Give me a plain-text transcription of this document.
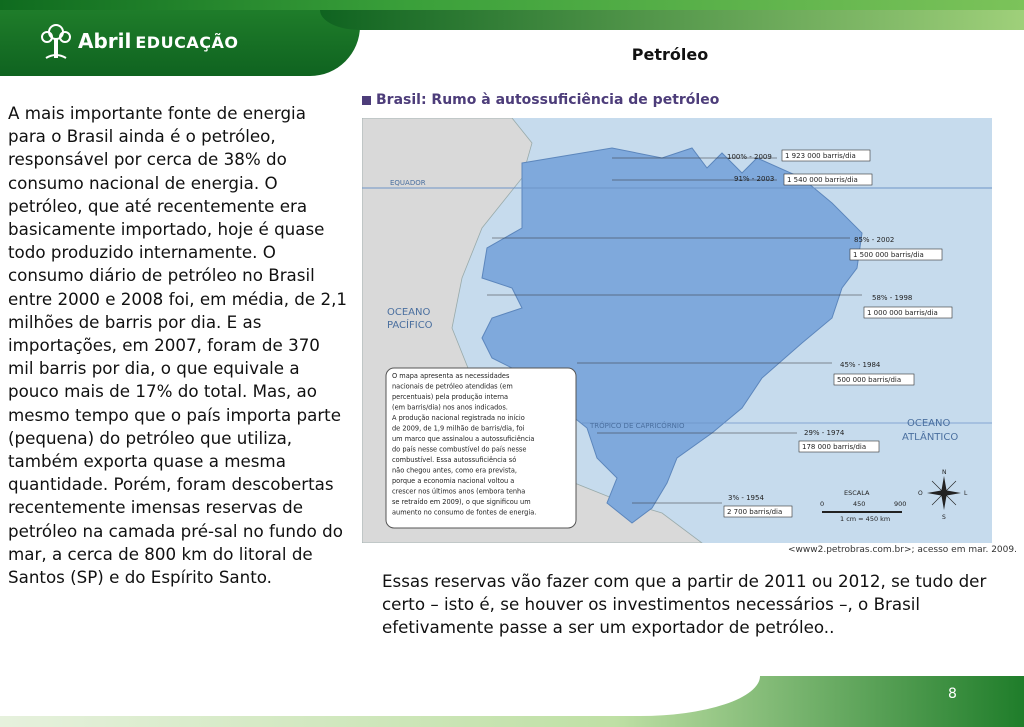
Abril EDUCAÇÃO
Petróleo
A mais importante fonte de energia para o Brasil ainda é o petróleo, responsável por cerca de 38% do consumo nacional de energia. O petróleo, que até recentemente era basicamente importado, hoje é quase todo produzido internamente. O consumo diário de petróleo no Brasil entre 2000 e 2008 foi, em média, de 2,1 milhões de barris por dia. E as importações, em 2007, foram de 370 mil barris por dia, o que equivale a pouco mais de 17% do total. Mas, ao mesmo tempo que o país importa parte (pequena) do petróleo que utiliza, também exporta quase a mesma quantidade. Porém, foram descobertas recentemente imensas reservas de petróleo na camada pré-sal no fundo do mar, a cerca de 800 km do litoral de Santos (SP) e do Espírito Santo.
Brasil: Rumo à autossuficiência de petróleo
EQUADOR
TRÓPICO DE CAPRICÓRNIO
OCEANO
PACÍFICO
OCEANO
ATLÂNTICO
100% - 2009 1 923 000 barris/dia
91% - 2003 1 540 000 barris/dia
85% - 2002
1 500 000 barris/dia
58% - 1998
1 000 000 barris/dia
45% - 1984
500 000 barris/dia
29% - 1974
178 000 barris/dia
3% - 1954
2 700 barris/dia
O mapa apresenta as necessidades
nacionais de petróleo atendidas (em
percentuais) pela produção interna
(em barris/dia) nos anos indicados.
A produção nacional registrada no início
de 2009, de 1,9 milhão de barris/dia, foi
um marco que assinalou a autossuficiência
do país nesse combustível do país nesse
combustível. Essa autossuficiência só
não chegou antes, como era prevista,
porque a economia nacional voltou a
crescer nos últimos anos (embora tenha
se retraído em 2009), o que significou um
aumento no consumo de fontes de energia.
ESCALA
0	450	900
1 cm = 450 km
N
L
S
O
<www2.petrobras.com.br>; acesso em mar. 2009.
Essas reservas vão fazer com que a partir de 2011 ou 2012, se tudo der certo – isto é, se houver os investimentos necessários –, o Brasil efetivamente passe a ser um exportador de petróleo..
8
